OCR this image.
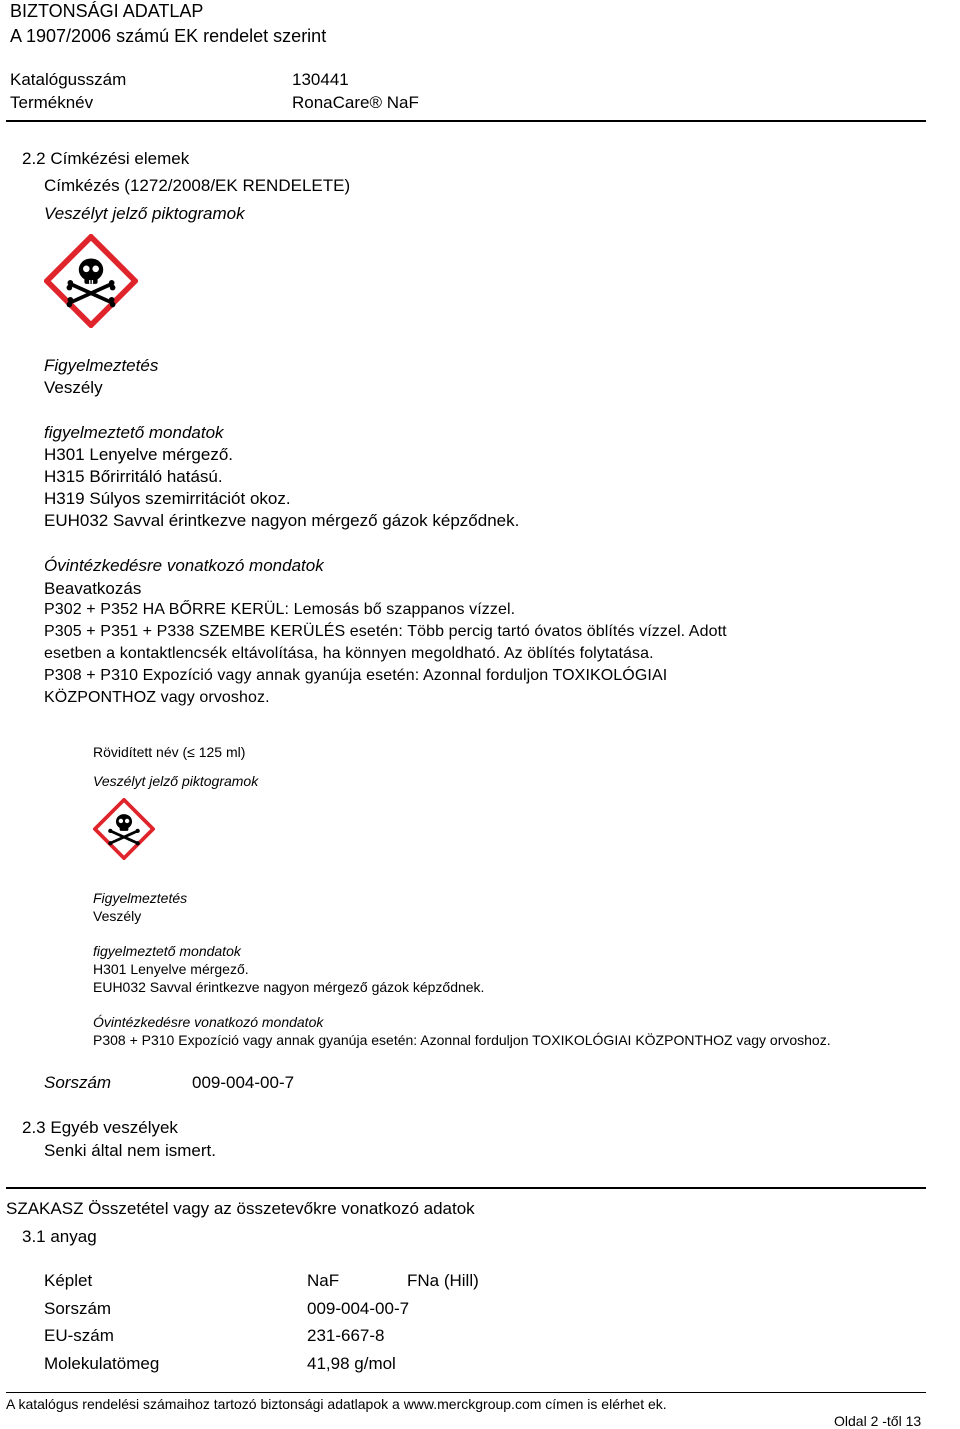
BIZTONSÁGI ADATLAP
A 1907/2006 számú EK rendelet szerint
Katalógusszám	130441
Terméknév	RonaCare® NaF
2.2 Címkézési elemek
Címkézés (1272/2008/EK RENDELETE)
Veszélyt jelző piktogramok
Figyelmeztetés
Veszély
figyelmeztető mondatok
H301 Lenyelve mérgező.
H315 Bőrirritáló hatású.
H319 Súlyos szemirritációt okoz.
EUH032 Savval érintkezve nagyon mérgező gázok képződnek.
Óvintézkedésre vonatkozó mondatok
Beavatkozás
P302 + P352 HA BŐRRE KERÜL: Lemosás bő szappanos vízzel.
P305 + P351 + P338 SZEMBE KERÜLÉS esetén: Több percig tartó óvatos öblítés vízzel. Adott
esetben a kontaktlencsék eltávolítása, ha könnyen megoldható. Az öblítés folytatása.
P308 + P310 Expozíció vagy annak gyanúja esetén: Azonnal forduljon TOXIKOLÓGIAI
KÖZPONTHOZ vagy orvoshoz.
Rövidített név (≤ 125 ml)
Veszélyt jelző piktogramok
Figyelmeztetés
Veszély
figyelmeztető mondatok
H301 Lenyelve mérgező.
EUH032 Savval érintkezve nagyon mérgező gázok képződnek.
Óvintézkedésre vonatkozó mondatok
P308 + P310 Expozíció vagy annak gyanúja esetén: Azonnal forduljon TOXIKOLÓGIAI KÖZPONTHOZ vagy orvoshoz.
Sorszám	009-004-00-7
2.3 Egyéb veszélyek
Senki által nem ismert.
SZAKASZ Összetétel vagy az összetevőkre vonatkozó adatok
3.1 anyag
Képlet	NaF	FNa (Hill)
Sorszám	009-004-00-7
EU-szám	231-667-8
Molekulatömeg	41,98 g/mol
A katalógus rendelési számaihoz tartozó biztonsági adatlapok a www.merckgroup.com címen is elérhet ek.
Oldal 2 -től 13
